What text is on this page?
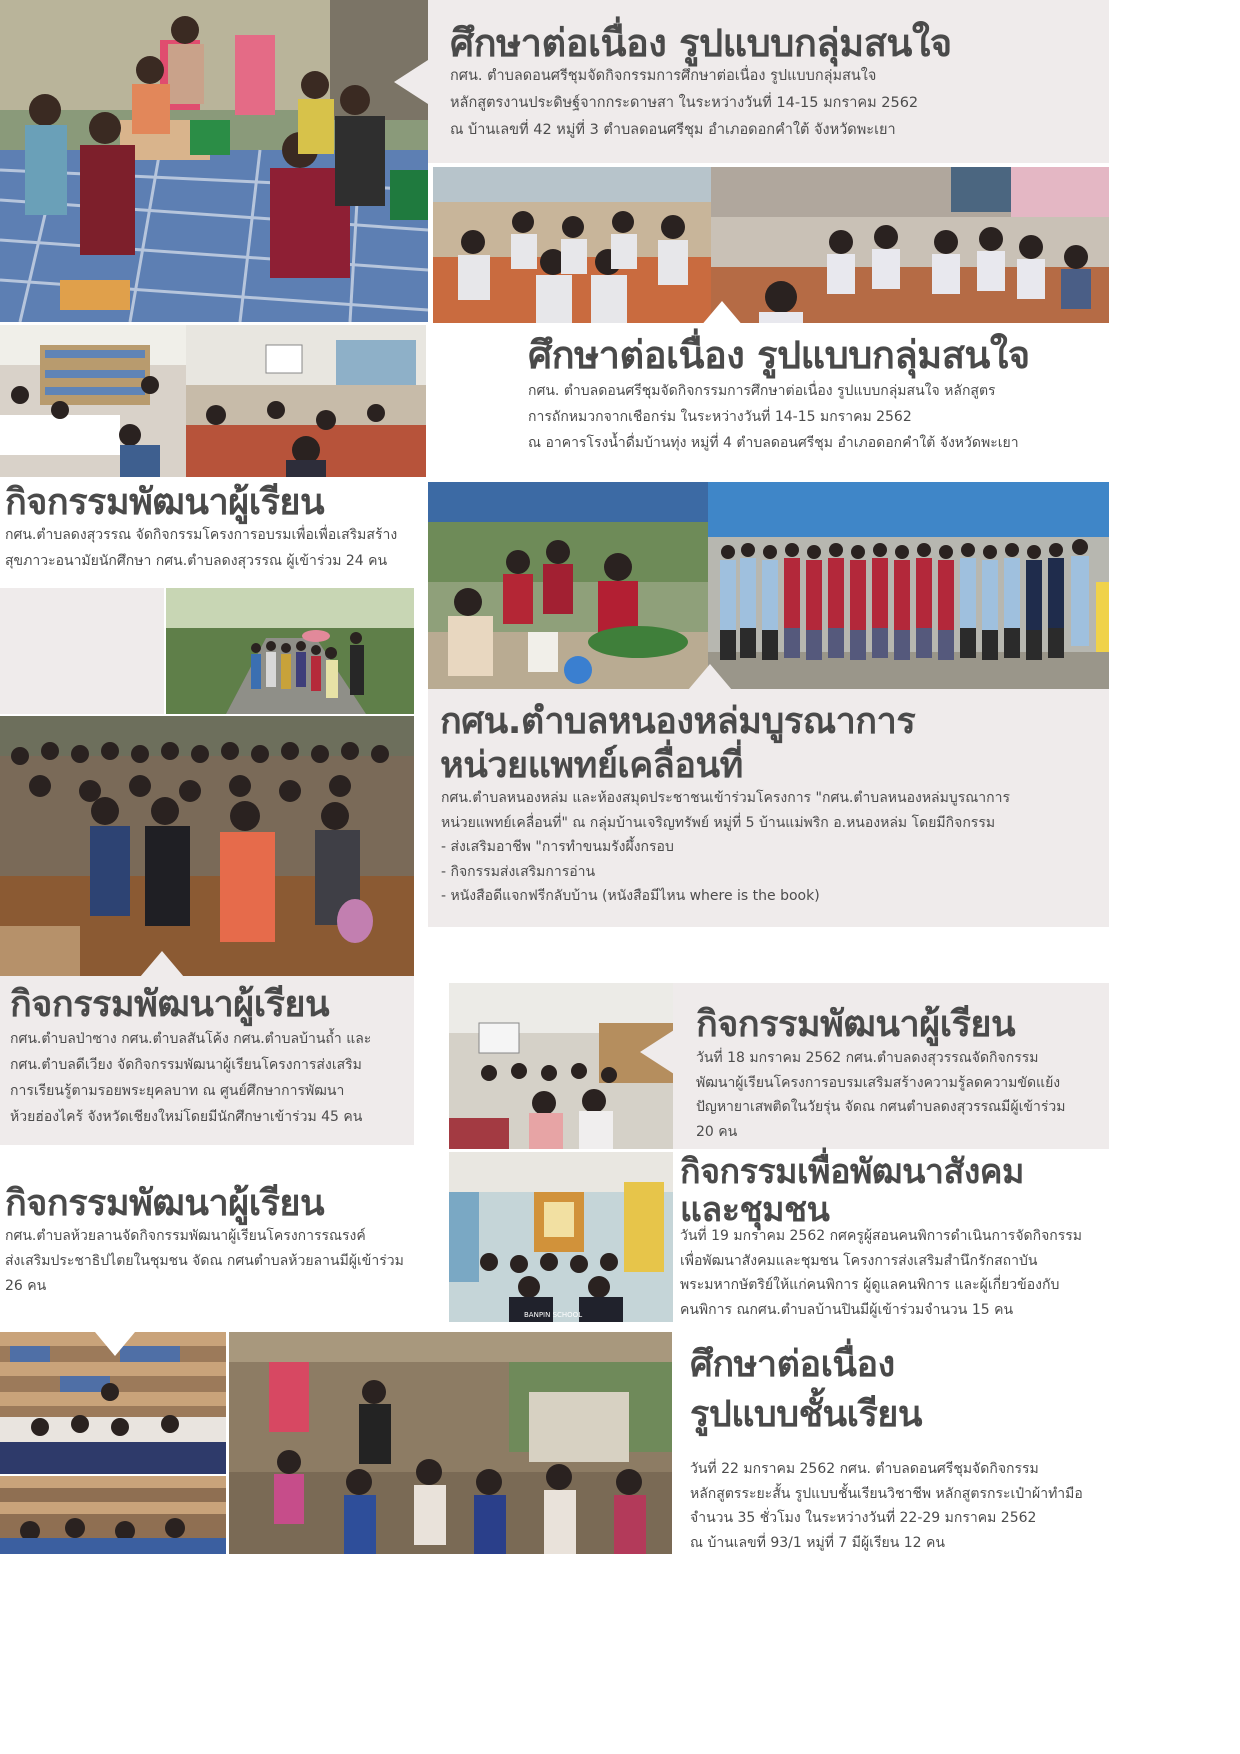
BANPIN SCHOOL
ศึกษาต่อเนื่อง รูปแบบกลุ่มสนใจ
กศน. ตำบลดอนศรีชุมจัดกิจกรรมการศึกษาต่อเนื่อง รูปแบบกลุ่มสนใจ
หลักสูตรงานประดิษฐ์จากกระดาษสา ในระหว่างวันที่ 14-15 มกราคม 2562
ณ บ้านเลขที่ 42 หมู่ที่ 3 ตำบลดอนศรีชุม อำเภอดอกคำใต้ จังหวัดพะเยา
ศึกษาต่อเนื่อง รูปแบบกลุ่มสนใจ
กศน. ตำบลดอนศรีชุมจัดกิจกรรมการศึกษาต่อเนื่อง รูปแบบกลุ่มสนใจ หลักสูตร
การถักหมวกจากเชือกร่ม ในระหว่างวันที่ 14-15 มกราคม 2562
ณ อาคารโรงน้ำดื่มบ้านทุ่ง หมู่ที่ 4 ตำบลดอนศรีชุม อำเภอดอกคำใต้ จังหวัดพะเยา
กิจกรรมพัฒนาผู้เรียน
กศน.ตำบลดงสุวรรณ จัดกิจกรรมโครงการอบรมเพื่อเพื่อเสริมสร้าง
สุขภาวะอนามัยนักศึกษา กศน.ตำบลดงสุวรรณ ผู้เข้าร่วม 24 คน
กศน.ตำบลหนองหล่มบูรณาการ
หน่วยแพทย์เคลื่อนที่
กศน.ตำบลหนองหล่ม และห้องสมุดประชาชนเข้าร่วมโครงการ "กศน.ตำบลหนองหล่มบูรณาการ
หน่วยแพทย์เคลื่อนที่" ณ กลุ่มบ้านเจริญทรัพย์ หมู่ที่ 5 บ้านแม่พริก อ.หนองหล่ม โดยมีกิจกรรม
- ส่งเสริมอาชีพ "การทำขนมรังผึ้งกรอบ
- กิจกรรมส่งเสริมการอ่าน
- หนังสือดีแจกฟรีกลับบ้าน (หนังสือมีไหน where is the book)
กิจกรรมพัฒนาผู้เรียน
กศน.ตำบลป่าซาง กศน.ตำบลสันโค้ง กศน.ตำบลบ้านถ้ำ และ
กศน.ตำบลดีเวียง จัดกิจกรรมพัฒนาผู้เรียนโครงการส่งเสริม
การเรียนรู้ตามรอยพระยุคลบาท ณ ศูนย์ศึกษาการพัฒนา
ห้วยฮ่องไคร้ จังหวัดเชียงใหม่โดยมีนักศึกษาเข้าร่วม 45 คน
กิจกรรมพัฒนาผู้เรียน
วันที่ 18 มกราคม 2562 กศน.ตำบลดงสุวรรณจัดกิจกรรม
พัฒนาผู้เรียนโครงการอบรมเสริมสร้างความรู้ลดความขัดแย้ง
ปัญหายาเสพติดในวัยรุ่น จัดณ กศนตำบลดงสุวรรณมีผู้เข้าร่วม
20 คน
กิจกรรมพัฒนาผู้เรียน
กศน.ตำบลห้วยลานจัดกิจกรรมพัฒนาผู้เรียนโครงการรณรงค์
ส่งเสริมประชาธิปไตยในชุมชน จัดณ กศนตำบลห้วยลานมีผู้เข้าร่วม
26 คน
กิจกรรมเพื่อพัฒนาสังคม
และชุมชน
วันที่ 19 มกราคม 2562 กศครูผู้สอนคนพิการดำเนินการจัดกิจกรรม
เพื่อพัฒนาสังคมและชุมชน โครงการส่งเสริมสำนึกรักสถาบัน
พระมหากษัตริย์ให้แก่คนพิการ ผู้ดูแลคนพิการ และผู้เกี่ยวข้องกับ
คนพิการ ณกศน.ตำบลบ้านปินมีผู้เข้าร่วมจำนวน 15 คน
ศึกษาต่อเนื่อง
รูปแบบชั้นเรียน
วันที่ 22 มกราคม 2562 กศน. ตำบลดอนศรีชุมจัดกิจกรรม
หลักสูตรระยะสั้น รูปแบบชั้นเรียนวิชาชีพ หลักสูตรกระเป๋าผ้าทำมือ
จำนวน 35 ชั่วโมง ในระหว่างวันที่ 22-29 มกราคม 2562
ณ บ้านเลขที่ 93/1 หมู่ที่ 7 มีผู้เรียน 12 คน
